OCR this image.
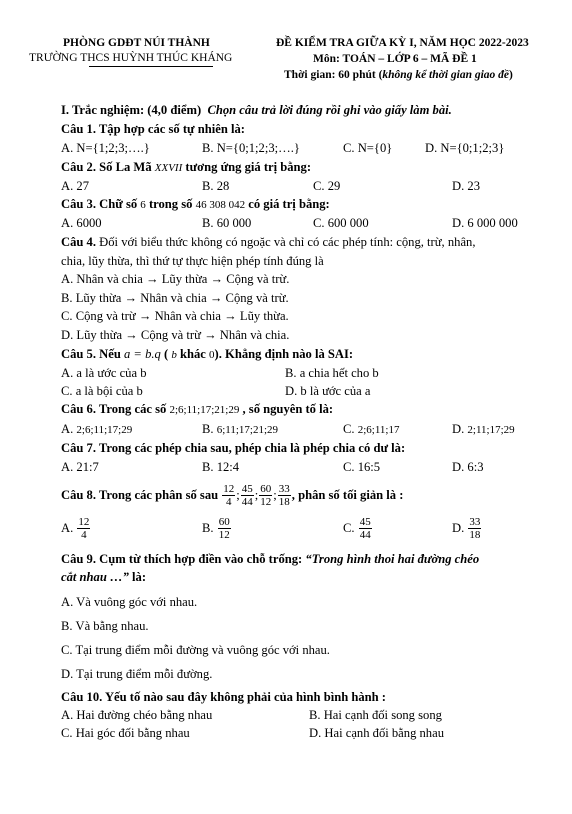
PHÒNG GDĐT NÚI THÀNH
TRƯỜNG THCS HUỲNH THÚC KHÁNG
ĐỀ KIỂM TRA GIỮA KỲ I, NĂM HỌC 2022-2023
Môn: TOÁN – LỚP 6 – MÃ ĐỀ 1
Thời gian: 60 phút (không kể thời gian giao đề)
I. Trắc nghiệm: (4,0 điểm) Chọn câu trả lời đúng rồi ghi vào giấy làm bài.
Câu 1. Tập hợp các số tự nhiên là:
A. N={1;2;3;….}	B. N={0;1;2;3;….}	C. N={0}	D. N={0;1;2;3}
Câu 2. Số La Mã XXVII tương ứng giá trị bằng:
A. 27	B. 28	C. 29	D. 23
Câu 3. Chữ số 6 trong số 46 308 042 có giá trị bằng:
A. 6000	B. 60 000	C. 600 000	D. 6 000 000
Câu 4. Đối với biểu thức không có ngoặc và chỉ có các phép tính: cộng, trừ, nhân,
chia, lũy thừa, thì thứ tự thực hiện phép tính đúng là
A. Nhân và chia → Lũy thừa → Cộng và trừ.
B. Lũy thừa → Nhân và chia → Cộng và trừ.
C. Cộng và trừ → Nhân và chia → Lũy thừa.
D. Lũy thừa → Cộng và trừ → Nhân và chia.
Câu 5. Nếu a = b.q ( b khác 0). Khẳng định nào là SAI:
A. a là ước của b	B. a chia hết cho b
C. a là bội của b	D. b là ước của a
Câu 6. Trong các số 2;6;11;17;21;29 , số nguyên tố là:
A. 2;6;11;17;29	B. 6;11;17;21;29	C. 2;6;11;17	D. 2;11;17;29
Câu 7. Trong các phép chia sau, phép chia là phép chia có dư là:
A. 21:7	B. 12:4	C. 16:5	D. 6:3
Câu 8. Trong các phân số sau
$\frac{12}{4}$ ; $\frac{45}{44}$ ; $\frac{60}{12}$ ; $\frac{33}{18}$ , phân số tối giản là :
A.
$\frac{12}{4}$	B.
$\frac{60}{12}$	C.
$\frac{45}{44}$	D.
$\frac{33}{18}$
Câu 9. Cụm từ thích hợp điền vào chỗ trống: “Trong hình thoi hai đường chéo
cắt nhau …” là:
A. Và vuông góc với nhau.
B. Và bằng nhau.
C. Tại trung điểm mỗi đường và vuông góc với nhau.
D. Tại trung điểm mỗi đường.
Câu 10. Yếu tố nào sau đây không phải của hình bình hành :
A. Hai đường chéo bằng nhau	B. Hai cạnh đối song song
C. Hai góc đối bằng nhau	D. Hai cạnh đối bằng nhau
